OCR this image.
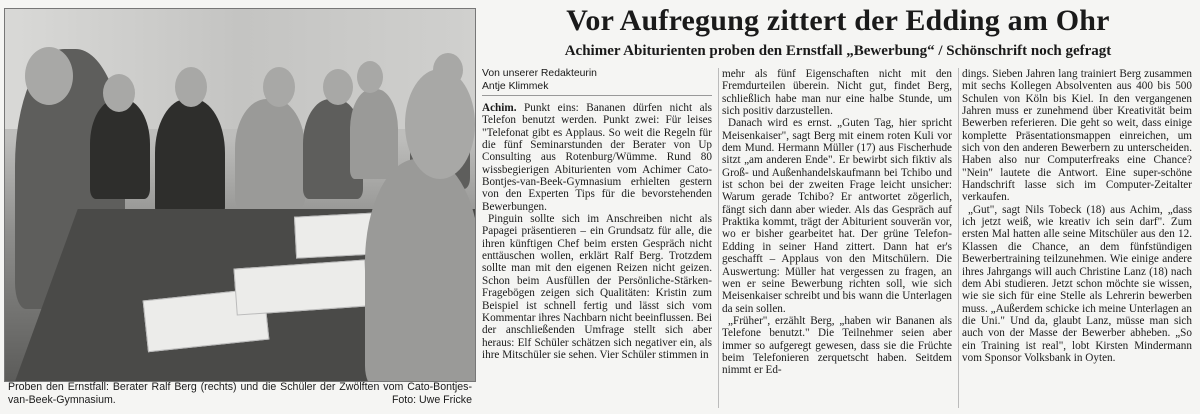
Proben den Ernstfall: Berater Ralf Berg (rechts) und die Schüler der Zwölften vom Cato-Bontjes-van-Beek-Gymnasium.	Foto: Uwe Fricke
Vor Aufregung zittert der Edding am Ohr
Achimer Abiturienten proben den Ernstfall „Bewerbung“ / Schönschrift noch gefragt
Von unserer Redakteurin
Antje Klimmek

Achim. Punkt eins: Bananen dürfen nicht als Telefon benutzt werden. Punkt zwei: Für leises "Telefonat gibt es Applaus. So weit die Regeln für die fünf Seminarstunden der Berater von Up Consulting aus Rotenburg/Wümme. Rund 80 wissbegierigen Abiturienten vom Achimer Cato-Bontjes-van-Beek-Gymnasium erhielten gestern von den Experten Tips für die bevorstehenden Bewerbungen.

Pinguin sollte sich im Anschreiben nicht als Papagei präsentieren – ein Grundsatz für alle, die ihren künftigen Chef beim ersten Gespräch nicht enttäuschen wollen, erklärt Ralf Berg. Trotzdem sollte man mit den eigenen Reizen nicht geizen. Schon beim Ausfüllen der Persönliche-Stärken-Fragebögen zeigen sich Qualitäten: Kristin zum Beispiel ist schnell fertig und lässt sich vom Kommentar ihres Nachbarn nicht beeinflussen. Bei der anschließenden Umfrage stellt sich aber heraus: Elf Schüler schätzen sich negativer ein, als ihre Mitschüler sie sehen. Vier Schüler stimmen in

mehr als fünf Eigenschaften nicht mit den Fremdurteilen überein. Nicht gut, findet Berg, schließlich habe man nur eine halbe Stunde, um sich positiv darzustellen.

Danach wird es ernst. „Guten Tag, hier spricht Meisenkaiser", sagt Berg mit einem roten Kuli vor dem Mund. Hermann Müller (17) aus Fischerhude sitzt „am anderen Ende". Er bewirbt sich fiktiv als Groß- und Außenhandelskaufmann bei Tchibo und ist schon bei der zweiten Frage leicht unsicher: Warum gerade Tchibo? Er antwortet zögerlich, fängt sich dann aber wieder. Als das Gespräch auf Praktika kommt, trägt der Abiturient souverän vor, wo er bisher gearbeitet hat. Der grüne Telefon-Edding in seiner Hand zittert. Dann hat er's geschafft – Applaus von den Mitschülern. Die Auswertung: Müller hat vergessen zu fragen, an wen er seine Bewerbung richten soll, wie sich Meisenkaiser schreibt und bis wann die Unterlagen da sein sollen.

„Früher", erzählt Berg, „haben wir Bananen als Telefone benutzt." Die Teilnehmer seien aber immer so aufgeregt gewesen, dass sie die Früchte beim Telefonieren zerquetscht haben. Seitdem nimmt er Ed-

dings. Sieben Jahren lang trainiert Berg zusammen mit sechs Kollegen Absolventen aus 400 bis 500 Schulen von Köln bis Kiel. In den vergangenen Jahren muss er zunehmend über Kreativität beim Bewerben referieren. Die geht so weit, dass einige komplette Präsentationsmappen einreichen, um sich von den anderen Bewerbern zu unterscheiden. Haben also nur Computerfreaks eine Chance? "Nein" lautete die Antwort. Eine super-schöne Handschrift lasse sich im Computer-Zeitalter verkaufen.

„Gut", sagt Nils Tobeck (18) aus Achim, „dass ich jetzt weiß, wie kreativ ich sein darf". Zum ersten Mal hatten alle seine Mitschüler aus den 12. Klassen die Chance, an dem fünfstündigen Bewerbertraining teilzunehmen. Wie einige andere ihres Jahrgangs will auch Christine Lanz (18) nach dem Abi studieren. Jetzt schon möchte sie wissen, wie sie sich für eine Stelle als Lehrerin bewerben muss. „Außerdem schicke ich meine Unterlagen an die Uni." Und da, glaubt Lanz, müsse man sich auch von der Masse der Bewerber abheben. „So ein Training ist real", lobt Kirsten Mindermann vom Sponsor Volksbank in Oyten.
